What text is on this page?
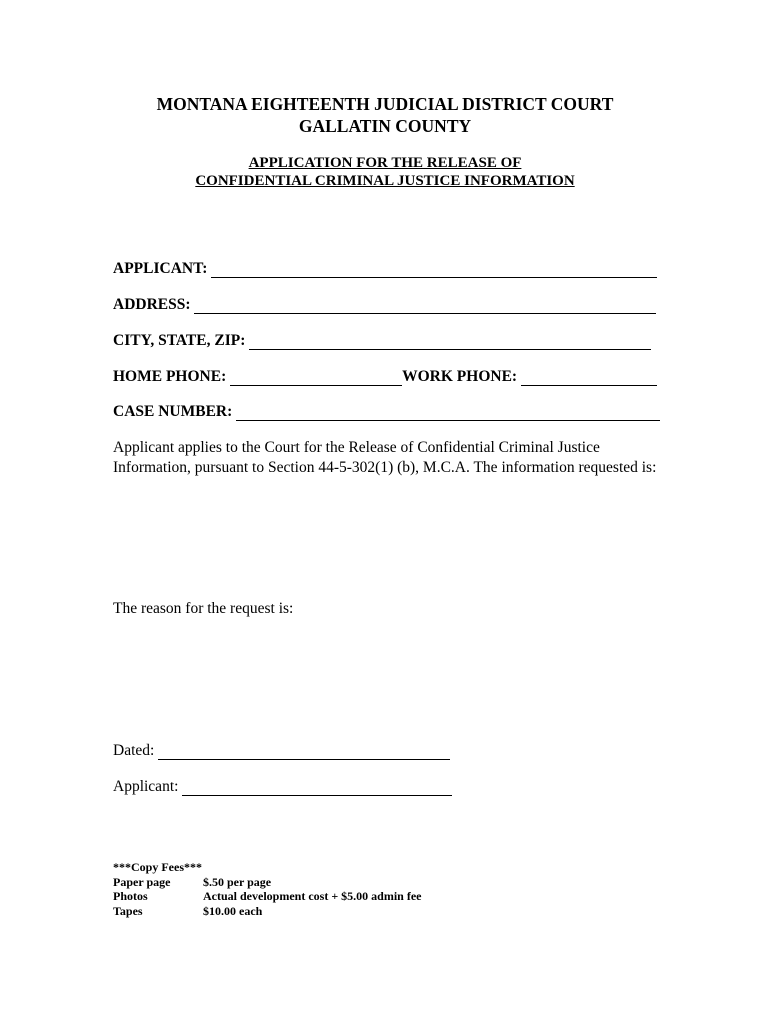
MONTANA EIGHTEENTH JUDICIAL DISTRICT COURT
GALLATIN COUNTY
APPLICATION FOR THE RELEASE OF
CONFIDENTIAL CRIMINAL JUSTICE INFORMATION
APPLICANT:

ADDRESS:

CITY, STATE, ZIP:

HOME PHONE:
	WORK PHONE:

CASE NUMBER:

Applicant applies to the Court for the Release of Confidential Criminal Justice Information, pursuant to Section 44-5-302(1) (b), M.C.A. The information requested is:
The reason for the request is:
Dated:

Applicant:

***Copy Fees***
Paper page	$.50 per page
Photos	Actual development cost + $5.00 admin fee
Tapes	$10.00 each
